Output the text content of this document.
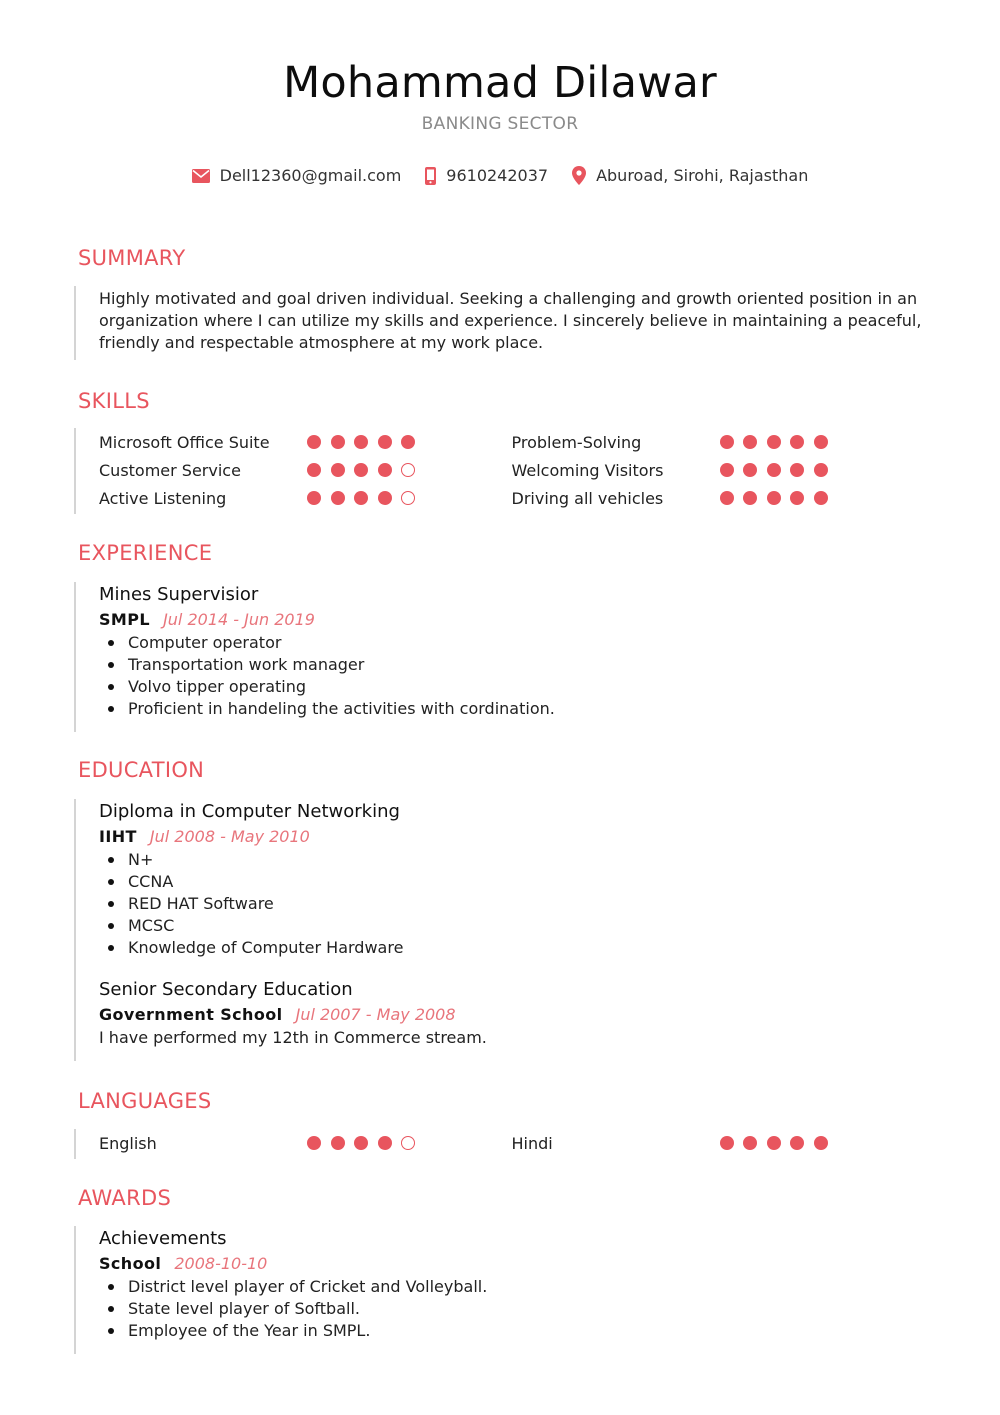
Mohammad Dilawar
BANKING SECTOR
Dell12360@gmail.com	9610242037	Aburoad, Sirohi, Rajasthan
SUMMARY
Highly motivated and goal driven individual. Seeking a challenging and growth oriented position in an organization where I can utilize my skills and experience. I sincerely believe in maintaining a peaceful, friendly and respectable atmosphere at my work place.
SKILLS
Microsoft Office Suite	Problem-Solving
Customer Service	Welcoming Visitors
Active Listening	Driving all vehicles
EXPERIENCE
Mines Supervisior
SMPL Jul 2014 - Jun 2019
Computer operator
Transportation work manager
Volvo tipper operating
Proficient in handeling the activities with cordination.
EDUCATION
Diploma in Computer Networking
IIHT Jul 2008 - May 2010
N+
CCNA
RED HAT Software
MCSC
Knowledge of Computer Hardware
Senior Secondary Education
Government School Jul 2007 - May 2008
I have performed my 12th in Commerce stream.
LANGUAGES
English	Hindi
AWARDS
Achievements
School 2008-10-10
District level player of Cricket and Volleyball.
State level player of Softball.
Employee of the Year in SMPL.
